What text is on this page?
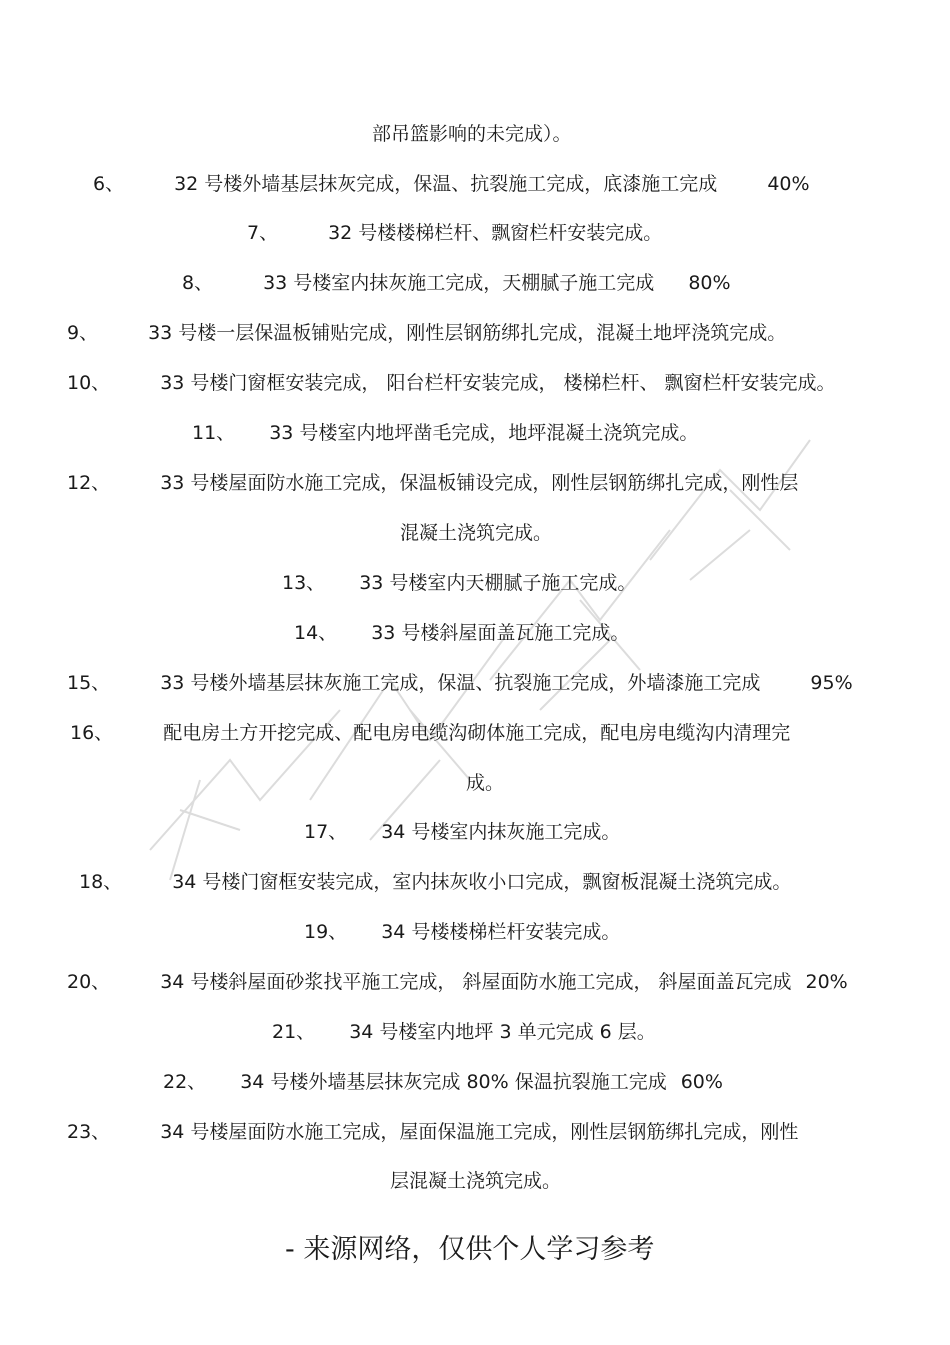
部吊篮影响的未完成）。
6、	32 号楼外墙基层抹灰完成，保温、抗裂施工完成，底漆施工完成	40%
7、	32 号楼楼梯栏杆、飘窗栏杆安装完成。
8、	33 号楼室内抹灰施工完成，天棚腻子施工完成 80%
9、	33 号楼一层保温板铺贴完成，刚性层钢筋绑扎完成，混凝土地坪浇筑完成。
10、	33 号楼门窗框安装完成， 阳台栏杆安装完成， 楼梯栏杆、 飘窗栏杆安装完成。
11、 33 号楼室内地坪凿毛完成，地坪混凝土浇筑完成。
12、	33 号楼屋面防水施工完成，保温板铺设完成，刚性层钢筋绑扎完成，刚性层
混凝土浇筑完成。
13、 33 号楼室内天棚腻子施工完成。
14、 33 号楼斜屋面盖瓦施工完成。
15、	33 号楼外墙基层抹灰施工完成，保温、抗裂施工完成，外墙漆施工完成	95%
16、	配电房土方开挖完成、配电房电缆沟砌体施工完成，配电房电缆沟内清理完
成。
17、 34 号楼室内抹灰施工完成。
18、	34 号楼门窗框安装完成，室内抹灰收小口完成，飘窗板混凝土浇筑完成。
19、 34 号楼楼梯栏杆安装完成。
20、	34 号楼斜屋面砂浆找平施工完成， 斜屋面防水施工完成， 斜屋面盖瓦完成 20%
21、 34 号楼室内地坪 3 单元完成 6 层。
22、 34 号楼外墙基层抹灰完成 80% 保温抗裂施工完成 60%
23、	34 号楼屋面防水施工完成，屋面保温施工完成，刚性层钢筋绑扎完成，刚性
层混凝土浇筑完成。
- 来源网络，仅供个人学习参考
